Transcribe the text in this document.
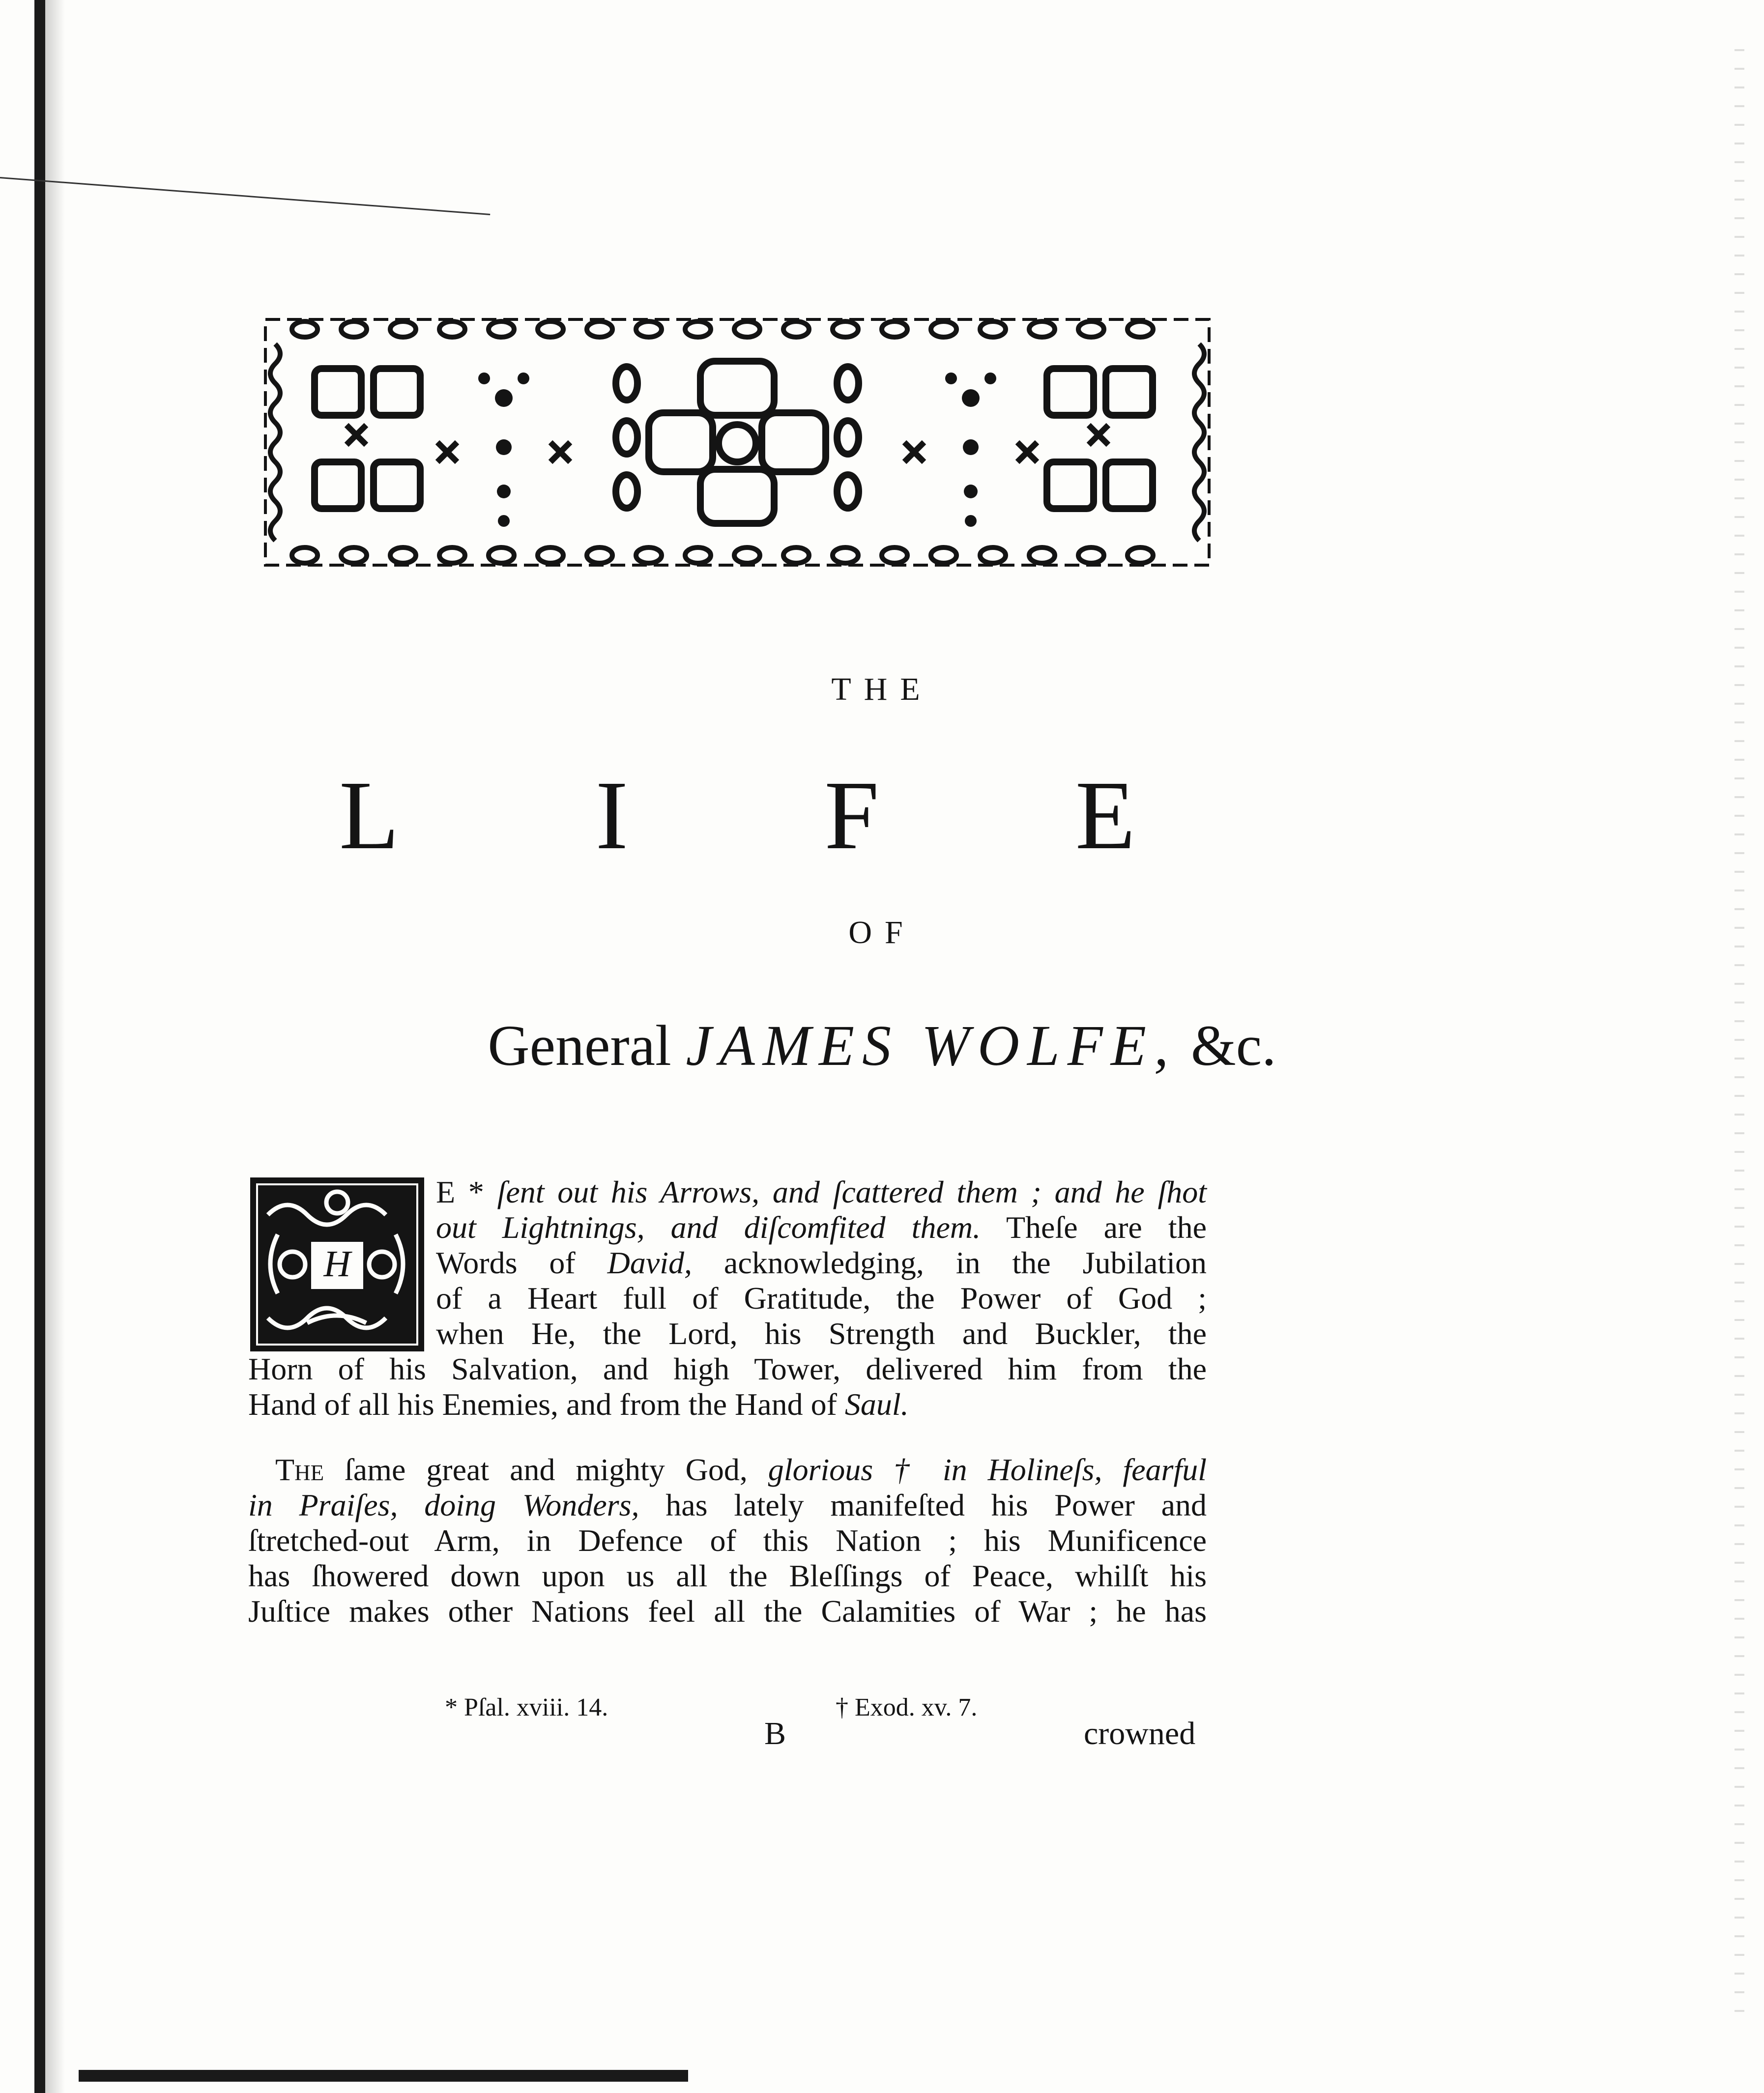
THE
L I F E
OF
General JAMES WOLFE, &c.
H
E * ſent out his Arrows, and ſcattered them ; and he ſhot
out Lightnings, and diſcomfited them. Theſe are the
Words of David, acknowledging, in the Jubilation
of a Heart full of Gratitude, the Power of God ;
when He, the Lord, his Strength and Buckler, the
Horn of his Salvation, and high Tower, delivered him from the
Hand of all his Enemies, and from the Hand of Saul.
The ſame great and mighty God, glorious † in Holineſs, fearful
in Praiſes, doing Wonders, has lately manifeſted his Power and
ſtretched-out Arm, in Defence of this Nation ; his Munificence
has ſhowered down upon us all the Bleſſings of Peace, whilſt his
Juſtice makes other Nations feel all the Calamities of War ; he has
* Pſal. xviii. 14.	† Exod. xv. 7.
B	crowned
